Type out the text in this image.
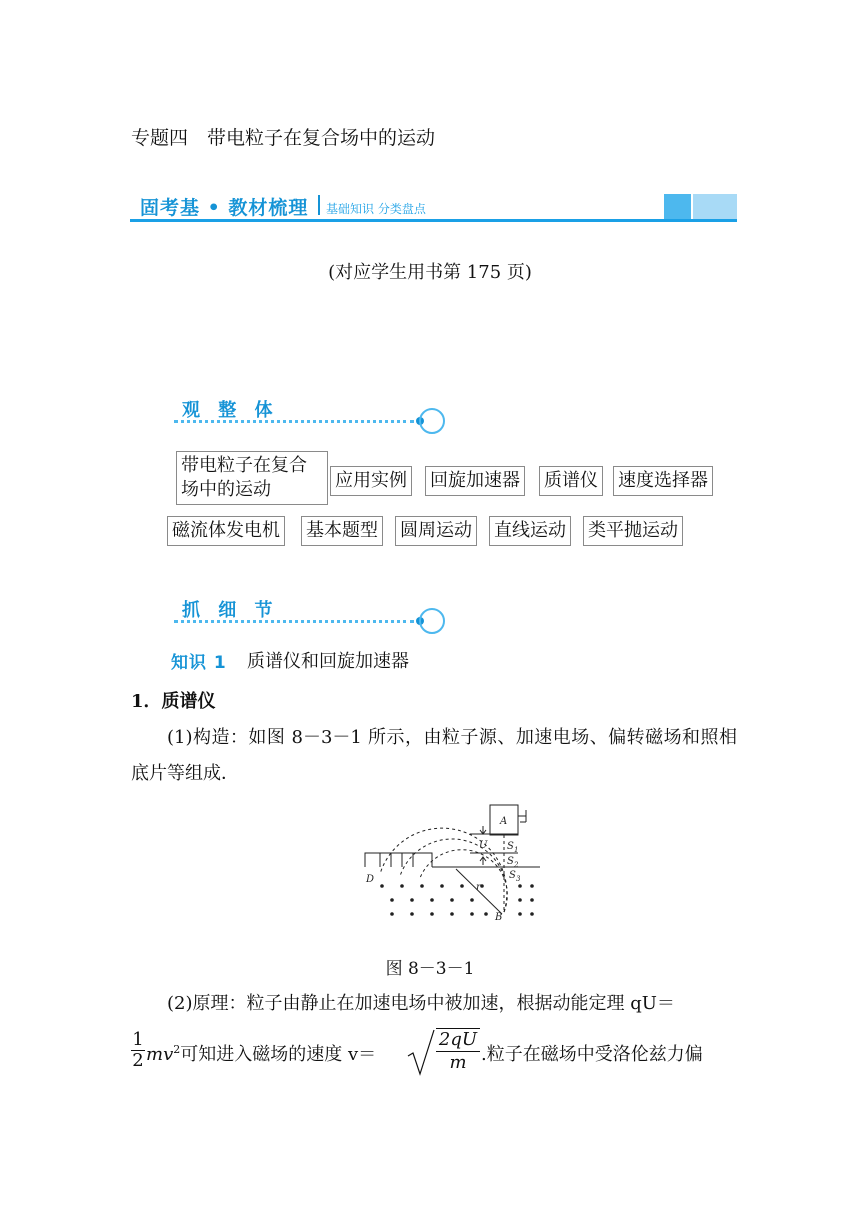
专题四　带电粒子在复合场中的运动
固考基 • 教材梳理 基础知识 分类盘点
(对应学生用书第 175 页)
观 整 体
带电粒子在复合场中的运动	应用实例 回旋加速器 质谱仪 速度选择器
磁流体发电机 基本题型 圆周运动 直线运动 类平抛运动
抓 细 节
知识 1 质谱仪和回旋加速器
1．质谱仪
(1)构造：如图 8－3－1 所示，由粒子源、加速电场、偏转磁场和照相底片等组成．
A
U S 1
S 2
S 3
D
B
r
图 8－3－1
(2)原理：粒子由静止在加速电场中被加速，根据动能定理 qU＝
$\frac{1}{2} mv^2$可知进入磁场的速度 v＝	$\frac{2qU}{m}$ .粒子在磁场中受洛伦兹力偏
